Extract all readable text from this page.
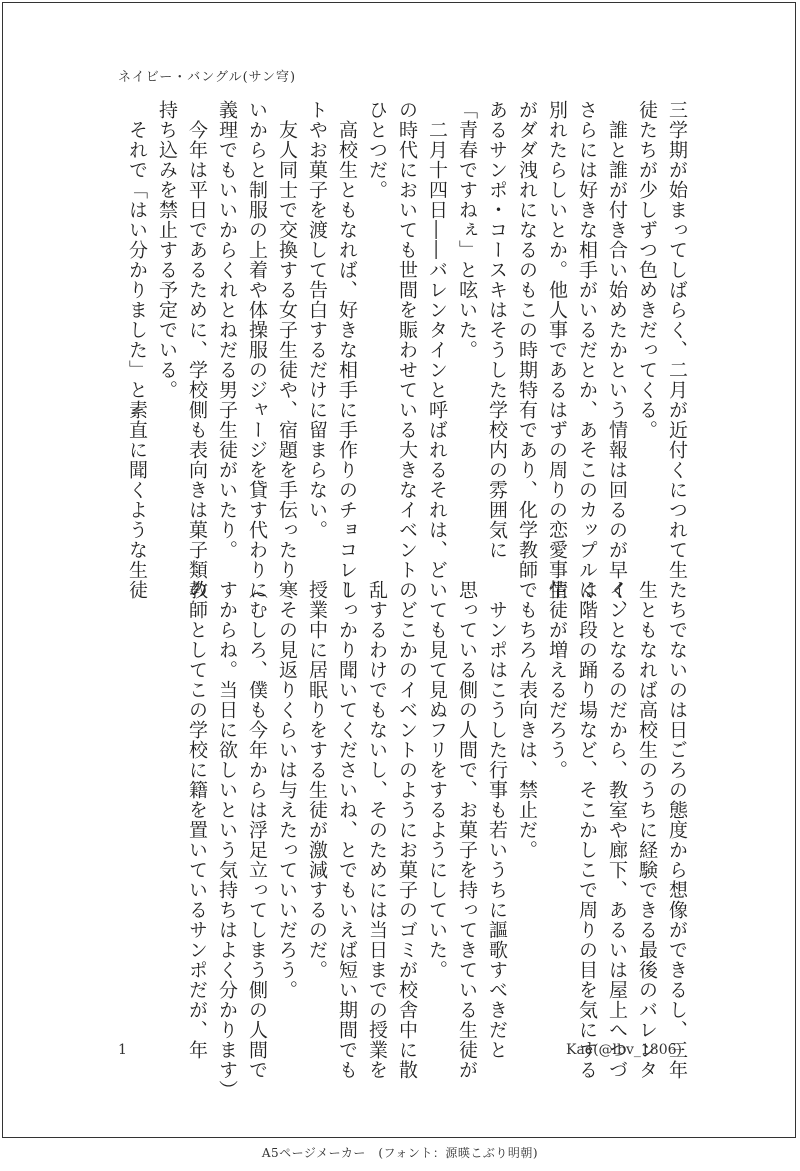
ネイビー・バングル(サン穹)
三学期が始まってしばらく、二月が近付くにつれて生
徒たちが少しずつ色めきだってくる。
　誰と誰が付き合い始めたかという情報は回るのが早く、
さらには好きな相手がいるだとか、あそこのカップルは
別れたらしいとか。他人事であるはずの周りの恋愛事情
がダダ洩れになるのもこの時期特有であり、化学教師で
あるサンポ・コースキはそうした学校内の雰囲気に
「青春ですねぇ」と呟いた。
　二月十四日――バレンタインと呼ばれるそれは、ど
の時代においても世間を賑わせている大きなイベントの
ひとつだ。
　高校生ともなれば、好きな相手に手作りのチョコレー
トやお菓子を渡して告白するだけに留まらない。
　友人同士で交換する女子生徒や、宿題を手伝ったり寒
いからと制服の上着や体操服のジャージを貸す代わりに
義理でもいいからくれとねだる男子生徒がいたり。
　今年は平日であるために、学校側も表向きは菓子類の
持ち込みを禁止する予定でいる。
　それで「はい分かりました」と素直に聞くような生徒
たちでないのは日ごろの態度から想像ができるし、三年
生ともなれば高校生のうちに経験できる最後のバレンタ
インとなるのだから、教室や廊下、あるいは屋上へつづ
く階段の踊り場など、そこかしこで周りの目を気にする
生徒が増えるだろう。
　もちろん表向きは、禁止だ。
　サンポはこうした行事も若いうちに謳歌すべきだと
思っている側の人間で、お菓子を持ってきている生徒が
いても見て見ぬフリをするようにしていた。
　どこかのイベントのようにお菓子のゴミが校舎中に散
乱するわけでもないし、そのためには当日までの授業を
しっかり聞いてくださいね、とでもいえば短い期間でも
授業中に居眠りをする生徒が激減するのだ。
　その見返りくらいは与えたっていいだろう。
（むしろ、僕も今年からは浮足立ってしまう側の人間で
すからね。当日に欲しいという気持ちはよく分かります）
教師としてこの学校に籍を置いているサンポだが、年
1	Kae(@lbv_1806)
A5ページメーカー　(フォント：源暎こぶり明朝)
